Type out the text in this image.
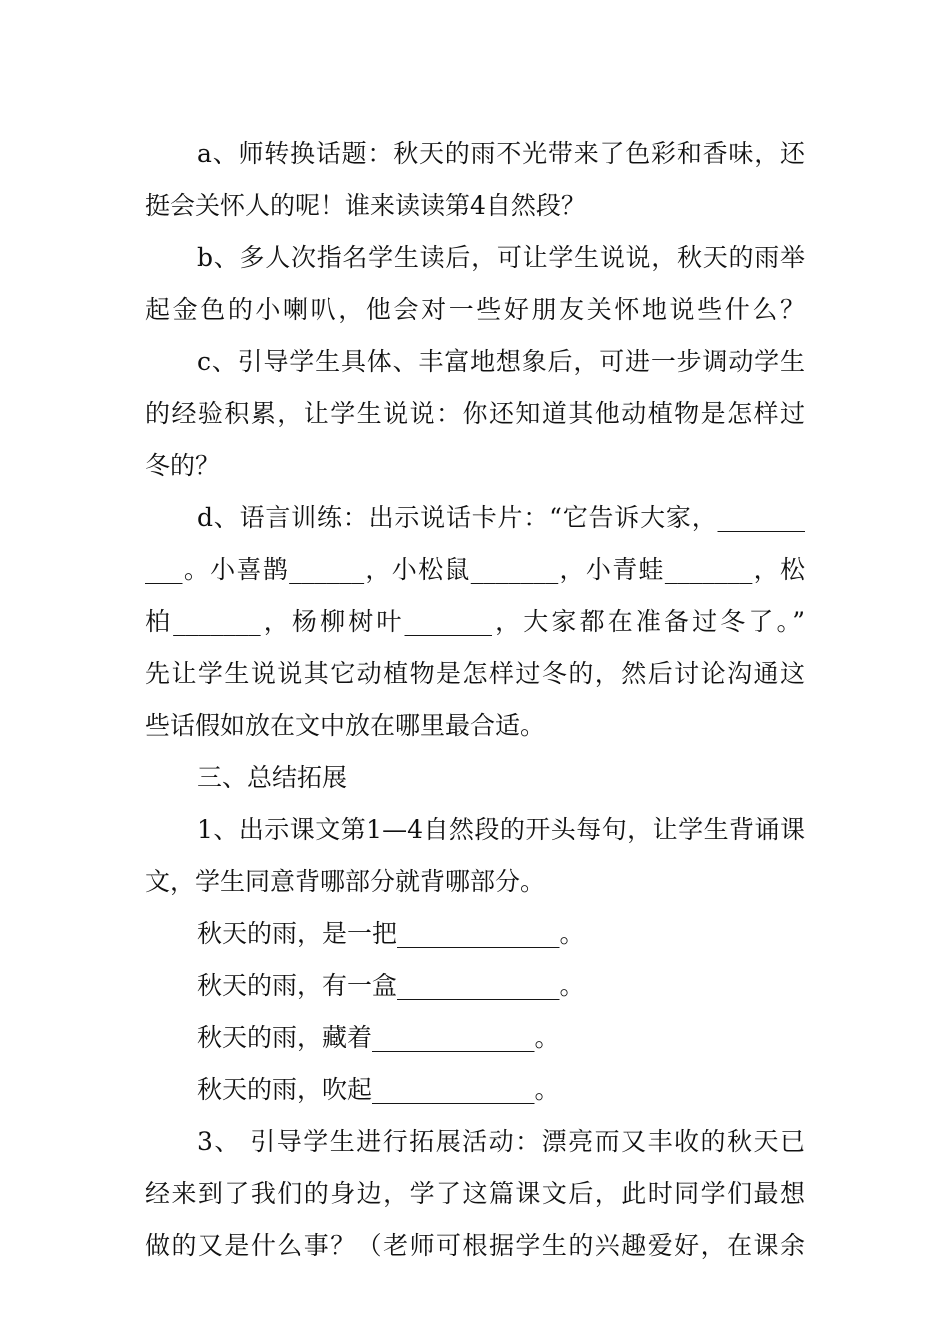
a、师转换话题：秋天的雨不光带来了色彩和香味，还
挺会关怀人的呢！谁来读读第4自然段？
b、多人次指名学生读后，可让学生说说，秋天的雨举
起金色的小喇叭，他会对一些好朋友关怀地说些什么？
c、引导学生具体、丰富地想象后，可进一步调动学生
的经验积累，让学生说说：你还知道其他动植物是怎样过
冬的？
d、语言训练：出示说话卡片：“它告诉大家，_______
___。小喜鹊______，小松鼠_______，小青蛙_______，松
柏_______，杨柳树叶_______，大家都在准备过冬了。”
先让学生说说其它动植物是怎样过冬的，然后讨论沟通这
些话假如放在文中放在哪里最合适。
三、总结拓展
1、出示课文第1—4自然段的开头每句，让学生背诵课
文，学生同意背哪部分就背哪部分。
秋天的雨，是一把_____________。
秋天的雨，有一盒_____________。
秋天的雨，藏着_____________。
秋天的雨，吹起_____________。
3、 引导学生进行拓展活动：漂亮而又丰收的秋天已
经来到了我们的身边，学了这篇课文后，此时同学们最想
做的又是什么事？（老师可根据学生的兴趣爱好，在课余
